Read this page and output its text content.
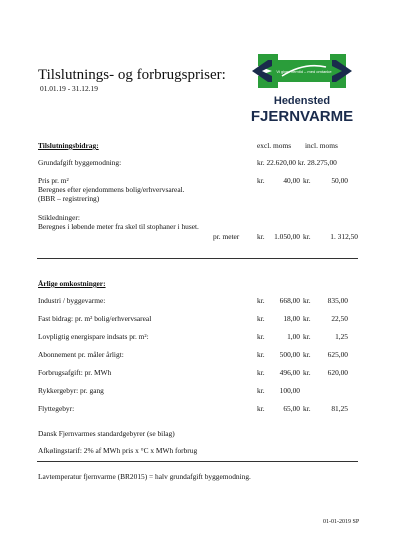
Tilslutnings- og forbrugspriser:
01.01.19 - 31.12.19
Vi giver fremtid – med omtanke
Hedensted
FJERNVARME
Tilslutningsbidrag:	excl. moms incl. moms
Grundafgift byggemodning:	kr. 22.620,00 kr. 28.275,00
Pris pr. m²	kr.	40,00 kr.	50,00
Beregnes efter ejendommens bolig/erhvervsareal.
(BBR – registrering)
Stikledninger:
Beregnes i løbende meter fra skel til stophaner i huset.
pr. meter kr. 1.050,00 kr.	1. 312,50
Årlige omkostninger:
Industri / byggevarme:	kr. 668,00 kr. 835,00
Fast bidrag: pr. m² bolig/erhvervsareal	kr.	18,00 kr.	22,50
Lovpligtig energispare indsats pr. m²:	kr.	1,00 kr.	1,25
Abonnement pr. måler årligt:	kr. 500,00 kr. 625,00
Forbrugsafgift: pr. MWh	kr. 496,00 kr. 620,00
Rykkergebyr: pr. gang	kr. 100,00
Flyttegebyr:	kr.	65,00 kr.	81,25
Dansk Fjernvarmes standardgebyrer (se bilag)
Afkølingstarif: 2% af MWh pris x °C x MWh forbrug
Lavtemperatur fjernvarme (BR2015) = halv grundafgift byggemodning.
01-01-2019 SP
